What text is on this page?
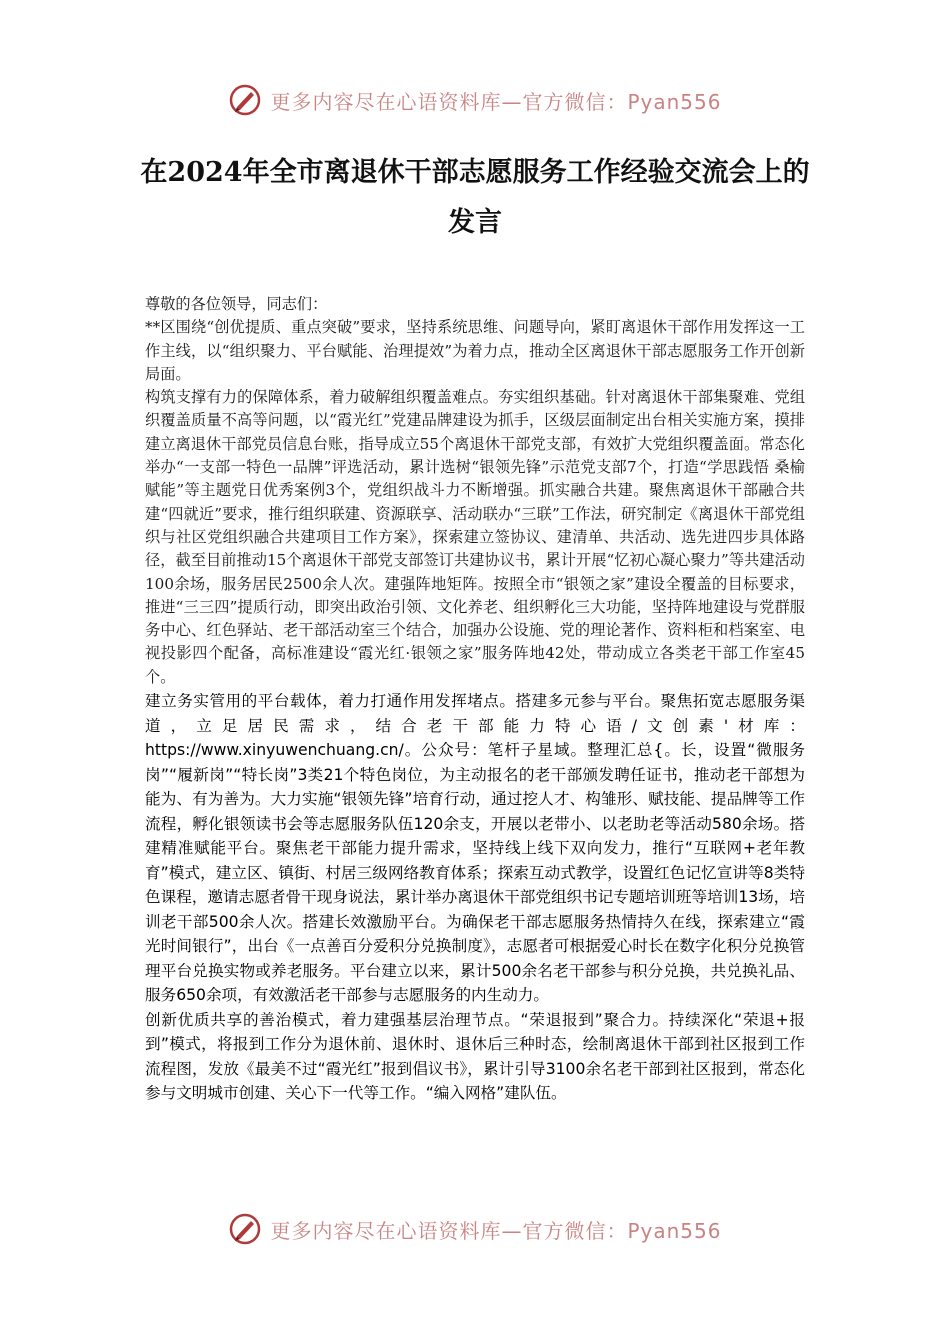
更多内容尽在心语资料库—官方微信：Pyan556
在2024年全市离退休干部志愿服务工作经验交流会上的发言

尊敬的各位领导，同志们：

**区围绕“创优提质、重点突破”要求，坚持系统思维、问题导向，紧盯离退休干部作用发挥这一工作主线，以“组织聚力、平台赋能、治理提效”为着力点，推动全区离退休干部志愿服务工作开创新局面。

构筑支撑有力的保障体系，着力破解组织覆盖难点。夯实组织基础。针对离退休干部集聚难、党组织覆盖质量不高等问题，以“霞光红”党建品牌建设为抓手，区级层面制定出台相关实施方案，摸排建立离退休干部党员信息台账，指导成立55个离退休干部党支部，有效扩大党组织覆盖面。常态化举办“一支部一特色一品牌”评选活动，累计选树“银领先锋”示范党支部7个，打造“学思践悟 桑榆赋能”等主题党日优秀案例3个，党组织战斗力不断增强。抓实融合共建。聚焦离退休干部融合共建“四就近”要求，推行组织联建、资源联享、活动联办“三联”工作法，研究制定《离退休干部党组织与社区党组织融合共建项目工作方案》，探索建立签协议、建清单、共活动、选先进四步具体路径，截至目前推动15个离退休干部党支部签订共建协议书，累计开展“忆初心凝心聚力”等共建活动100余场，服务居民2500余人次。建强阵地矩阵。按照全市“银领之家”建设全覆盖的目标要求，推进“三三四”提质行动，即突出政治引领、文化养老、组织孵化三大功能，坚持阵地建设与党群服务中心、红色驿站、老干部活动室三个结合，加强办公设施、党的理论著作、资料柜和档案室、电视投影四个配备，高标准建设“霞光红·银领之家”服务阵地42处，带动成立各类老干部工作室45个。

建立务实管用的平台载体，着力打通作用发挥堵点。搭建多元参与平台。聚焦拓宽志愿服务渠道，立足居民需求，结合老干部能力特心语/文创素'材库：https://www.xinyuwenchuang.cn/。公众号：笔杆子星域。整理汇总{。长，设置“微服务岗”“履新岗”“特长岗”3类21个特色岗位，为主动报名的老干部颁发聘任证书，推动老干部想为能为、有为善为。大力实施“银领先锋”培育行动，通过挖人才、构雏形、赋技能、提品牌等工作流程，孵化银领读书会等志愿服务队伍120余支，开展以老带小、以老助老等活动580余场。搭建精准赋能平台。聚焦老干部能力提升需求，坚持线上线下双向发力，推行“互联网+老年教育”模式，建立区、镇街、村居三级网络教育体系；探索互动式教学，设置红色记忆宣讲等8类特色课程，邀请志愿者骨干现身说法，累计举办离退休干部党组织书记专题培训班等培训13场，培训老干部500余人次。搭建长效激励平台。为确保老干部志愿服务热情持久在线，探索建立“霞光时间银行”，出台《一点善百分爱积分兑换制度》，志愿者可根据爱心时长在数字化积分兑换管理平台兑换实物或养老服务。平台建立以来，累计500余名老干部参与积分兑换，共兑换礼品、服务650余项，有效激活老干部参与志愿服务的内生动力。

创新优质共享的善治模式，着力建强基层治理节点。“荣退报到”聚合力。持续深化“荣退+报到”模式，将报到工作分为退休前、退休时、退休后三种时态，绘制离退休干部到社区报到工作流程图，发放《最美不过“霞光红”报到倡议书》，累计引导3100余名老干部到社区报到，常态化参与文明城市创建、关心下一代等工作。“编入网格”建队伍。

更多内容尽在心语资料库—官方微信：Pyan556
